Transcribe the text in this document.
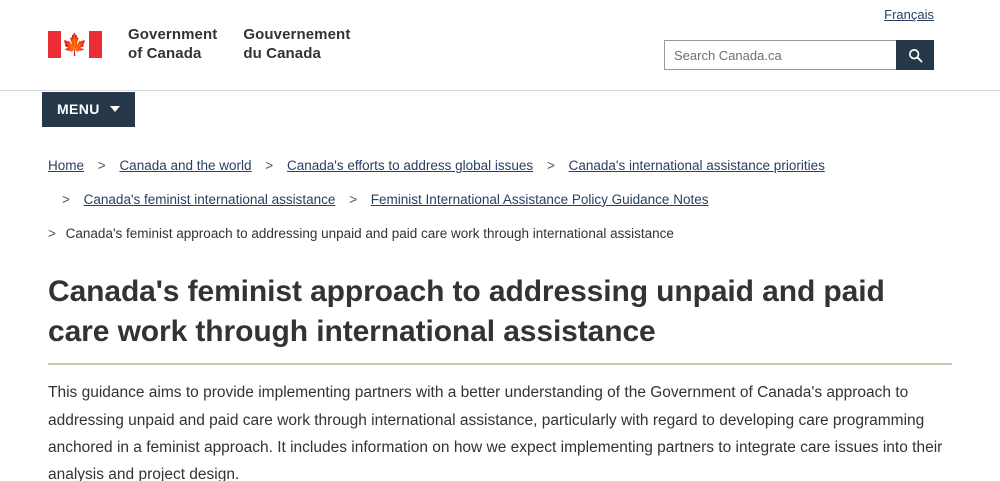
Français
🍁	Government
of Canada
Gouvernement
du Canada
Search Canada.ca
MENU
Home > Canada and the world > Canada's efforts to address global issues > Canada's international assistance priorities
> Canada's feminist international assistance > Feminist International Assistance Policy Guidance Notes
> Canada's feminist approach to addressing unpaid and paid care work through international assistance
Canada's feminist approach to addressing unpaid and paid care work through international assistance

This guidance aims to provide implementing partners with a better understanding of the Government of Canada's approach to addressing unpaid and paid care work through international assistance, particularly with regard to developing care programming anchored in a feminist approach. It includes information on how we expect implementing partners to integrate care issues into their analysis and project design.
